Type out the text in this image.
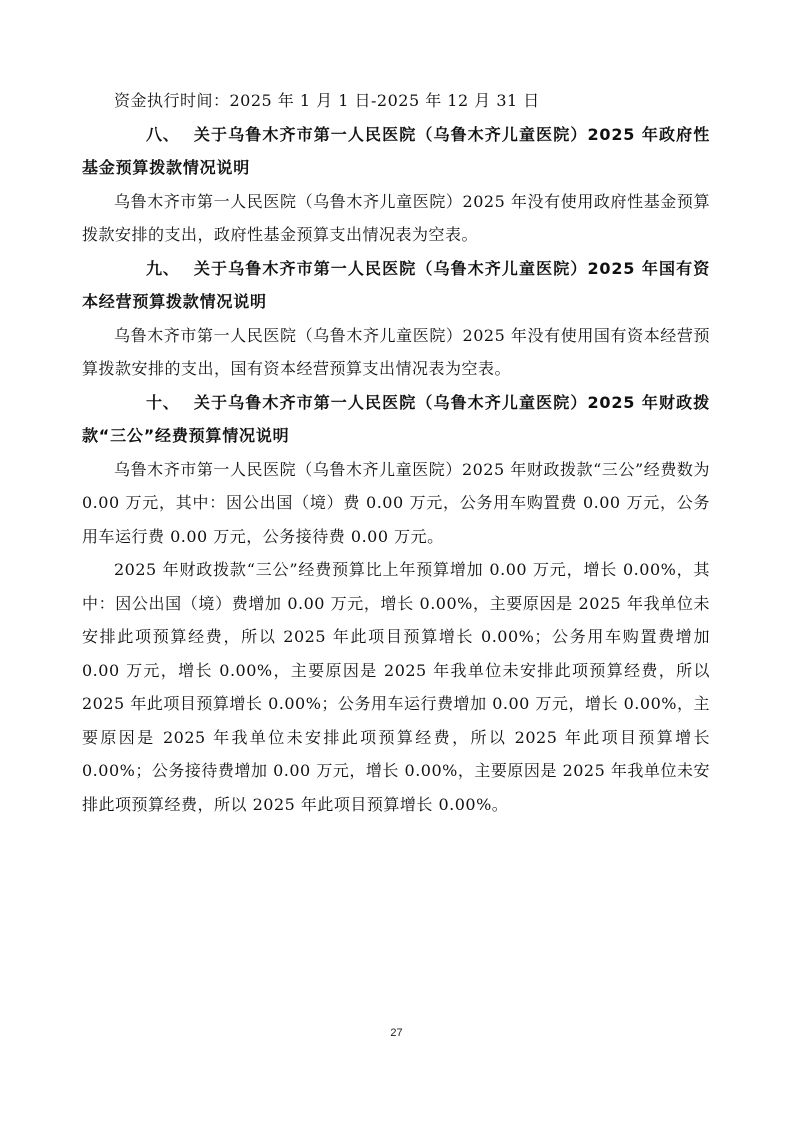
资金执行时间：2025 年 1 月 1 日-2025 年 12 月 31 日

八、 关于乌鲁木齐市第一人民医院（乌鲁木齐儿童医院）2025 年政府性基金预算拨款情况说明

乌鲁木齐市第一人民医院（乌鲁木齐儿童医院）2025 年没有使用政府性基金预算拨款安排的支出，政府性基金预算支出情况表为空表。

九、 关于乌鲁木齐市第一人民医院（乌鲁木齐儿童医院）2025 年国有资本经营预算拨款情况说明

乌鲁木齐市第一人民医院（乌鲁木齐儿童医院）2025 年没有使用国有资本经营预算拨款安排的支出，国有资本经营预算支出情况表为空表。

十、 关于乌鲁木齐市第一人民医院（乌鲁木齐儿童医院）2025 年财政拨款“三公”经费预算情况说明

乌鲁木齐市第一人民医院（乌鲁木齐儿童医院）2025 年财政拨款“三公”经费数为 0.00 万元，其中：因公出国（境）费 0.00 万元，公务用车购置费 0.00 万元，公务用车运行费 0.00 万元，公务接待费 0.00 万元。

2025 年财政拨款“三公”经费预算比上年预算增加 0.00 万元，增长 0.00%，其中：因公出国（境）费增加 0.00 万元，增长 0.00%，主要原因是 2025 年我单位未安排此项预算经费，所以 2025 年此项目预算增长 0.00%；公务用车购置费增加 0.00 万元，增长 0.00%，主要原因是 2025 年我单位未安排此项预算经费，所以 2025 年此项目预算增长 0.00%；公务用车运行费增加 0.00 万元，增长 0.00%，主要原因是 2025 年我单位未安排此项预算经费，所以 2025 年此项目预算增长 0.00%；公务接待费增加 0.00 万元，增长 0.00%，主要原因是 2025 年我单位未安排此项预算经费，所以 2025 年此项目预算增长 0.00%。

27
